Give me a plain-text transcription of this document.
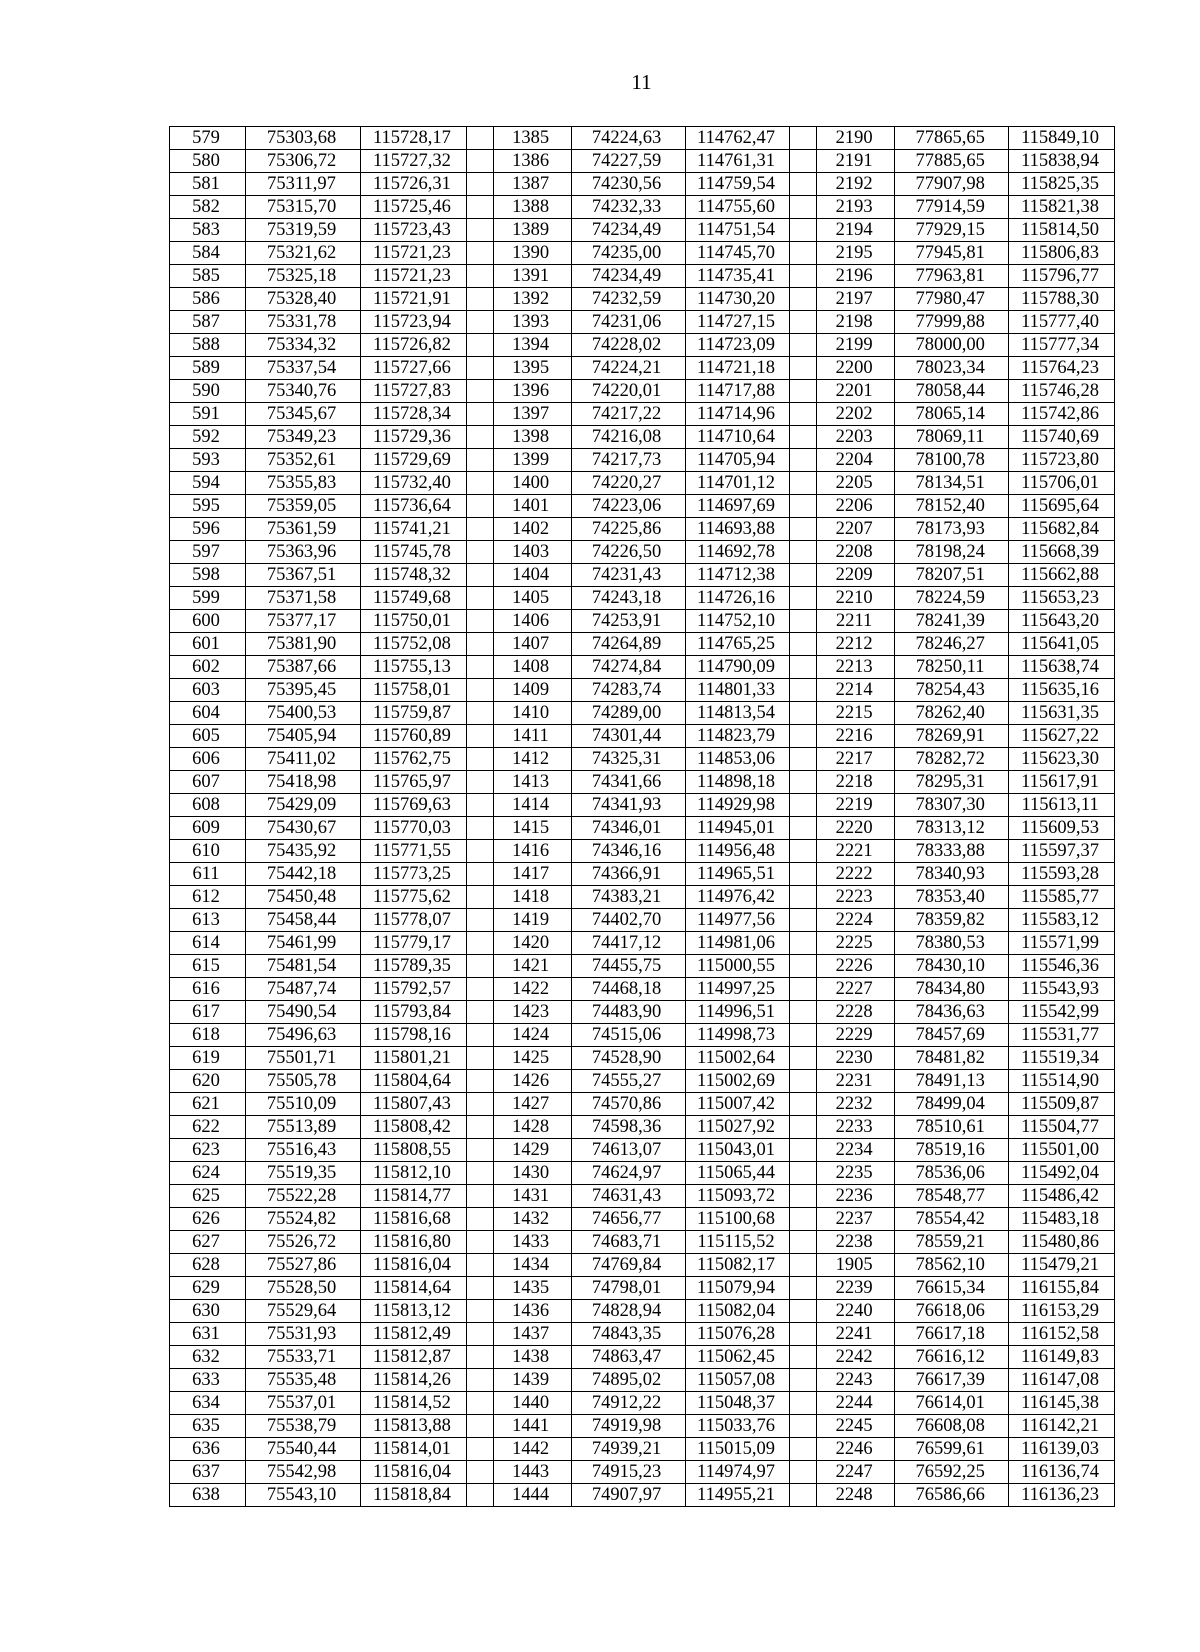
11
579	75303,68	115728,17		1385	74224,63	114762,47		2190	77865,65	115849,10
580	75306,72	115727,32		1386	74227,59	114761,31		2191	77885,65	115838,94
581	75311,97	115726,31		1387	74230,56	114759,54		2192	77907,98	115825,35
582	75315,70	115725,46		1388	74232,33	114755,60		2193	77914,59	115821,38
583	75319,59	115723,43		1389	74234,49	114751,54		2194	77929,15	115814,50
584	75321,62	115721,23		1390	74235,00	114745,70		2195	77945,81	115806,83
585	75325,18	115721,23		1391	74234,49	114735,41		2196	77963,81	115796,77
586	75328,40	115721,91		1392	74232,59	114730,20		2197	77980,47	115788,30
587	75331,78	115723,94		1393	74231,06	114727,15		2198	77999,88	115777,40
588	75334,32	115726,82		1394	74228,02	114723,09		2199	78000,00	115777,34
589	75337,54	115727,66		1395	74224,21	114721,18		2200	78023,34	115764,23
590	75340,76	115727,83		1396	74220,01	114717,88		2201	78058,44	115746,28
591	75345,67	115728,34		1397	74217,22	114714,96		2202	78065,14	115742,86
592	75349,23	115729,36		1398	74216,08	114710,64		2203	78069,11	115740,69
593	75352,61	115729,69		1399	74217,73	114705,94		2204	78100,78	115723,80
594	75355,83	115732,40		1400	74220,27	114701,12		2205	78134,51	115706,01
595	75359,05	115736,64		1401	74223,06	114697,69		2206	78152,40	115695,64
596	75361,59	115741,21		1402	74225,86	114693,88		2207	78173,93	115682,84
597	75363,96	115745,78		1403	74226,50	114692,78		2208	78198,24	115668,39
598	75367,51	115748,32		1404	74231,43	114712,38		2209	78207,51	115662,88
599	75371,58	115749,68		1405	74243,18	114726,16		2210	78224,59	115653,23
600	75377,17	115750,01		1406	74253,91	114752,10		2211	78241,39	115643,20
601	75381,90	115752,08		1407	74264,89	114765,25		2212	78246,27	115641,05
602	75387,66	115755,13		1408	74274,84	114790,09		2213	78250,11	115638,74
603	75395,45	115758,01		1409	74283,74	114801,33		2214	78254,43	115635,16
604	75400,53	115759,87		1410	74289,00	114813,54		2215	78262,40	115631,35
605	75405,94	115760,89		1411	74301,44	114823,79		2216	78269,91	115627,22
606	75411,02	115762,75		1412	74325,31	114853,06		2217	78282,72	115623,30
607	75418,98	115765,97		1413	74341,66	114898,18		2218	78295,31	115617,91
608	75429,09	115769,63		1414	74341,93	114929,98		2219	78307,30	115613,11
609	75430,67	115770,03		1415	74346,01	114945,01		2220	78313,12	115609,53
610	75435,92	115771,55		1416	74346,16	114956,48		2221	78333,88	115597,37
611	75442,18	115773,25		1417	74366,91	114965,51		2222	78340,93	115593,28
612	75450,48	115775,62		1418	74383,21	114976,42		2223	78353,40	115585,77
613	75458,44	115778,07		1419	74402,70	114977,56		2224	78359,82	115583,12
614	75461,99	115779,17		1420	74417,12	114981,06		2225	78380,53	115571,99
615	75481,54	115789,35		1421	74455,75	115000,55		2226	78430,10	115546,36
616	75487,74	115792,57		1422	74468,18	114997,25		2227	78434,80	115543,93
617	75490,54	115793,84		1423	74483,90	114996,51		2228	78436,63	115542,99
618	75496,63	115798,16		1424	74515,06	114998,73		2229	78457,69	115531,77
619	75501,71	115801,21		1425	74528,90	115002,64		2230	78481,82	115519,34
620	75505,78	115804,64		1426	74555,27	115002,69		2231	78491,13	115514,90
621	75510,09	115807,43		1427	74570,86	115007,42		2232	78499,04	115509,87
622	75513,89	115808,42		1428	74598,36	115027,92		2233	78510,61	115504,77
623	75516,43	115808,55		1429	74613,07	115043,01		2234	78519,16	115501,00
624	75519,35	115812,10		1430	74624,97	115065,44		2235	78536,06	115492,04
625	75522,28	115814,77		1431	74631,43	115093,72		2236	78548,77	115486,42
626	75524,82	115816,68		1432	74656,77	115100,68		2237	78554,42	115483,18
627	75526,72	115816,80		1433	74683,71	115115,52		2238	78559,21	115480,86
628	75527,86	115816,04		1434	74769,84	115082,17		1905	78562,10	115479,21
629	75528,50	115814,64		1435	74798,01	115079,94		2239	76615,34	116155,84
630	75529,64	115813,12		1436	74828,94	115082,04		2240	76618,06	116153,29
631	75531,93	115812,49		1437	74843,35	115076,28		2241	76617,18	116152,58
632	75533,71	115812,87		1438	74863,47	115062,45		2242	76616,12	116149,83
633	75535,48	115814,26		1439	74895,02	115057,08		2243	76617,39	116147,08
634	75537,01	115814,52		1440	74912,22	115048,37		2244	76614,01	116145,38
635	75538,79	115813,88		1441	74919,98	115033,76		2245	76608,08	116142,21
636	75540,44	115814,01		1442	74939,21	115015,09		2246	76599,61	116139,03
637	75542,98	115816,04		1443	74915,23	114974,97		2247	76592,25	116136,74
638	75543,10	115818,84		1444	74907,97	114955,21		2248	76586,66	116136,23
